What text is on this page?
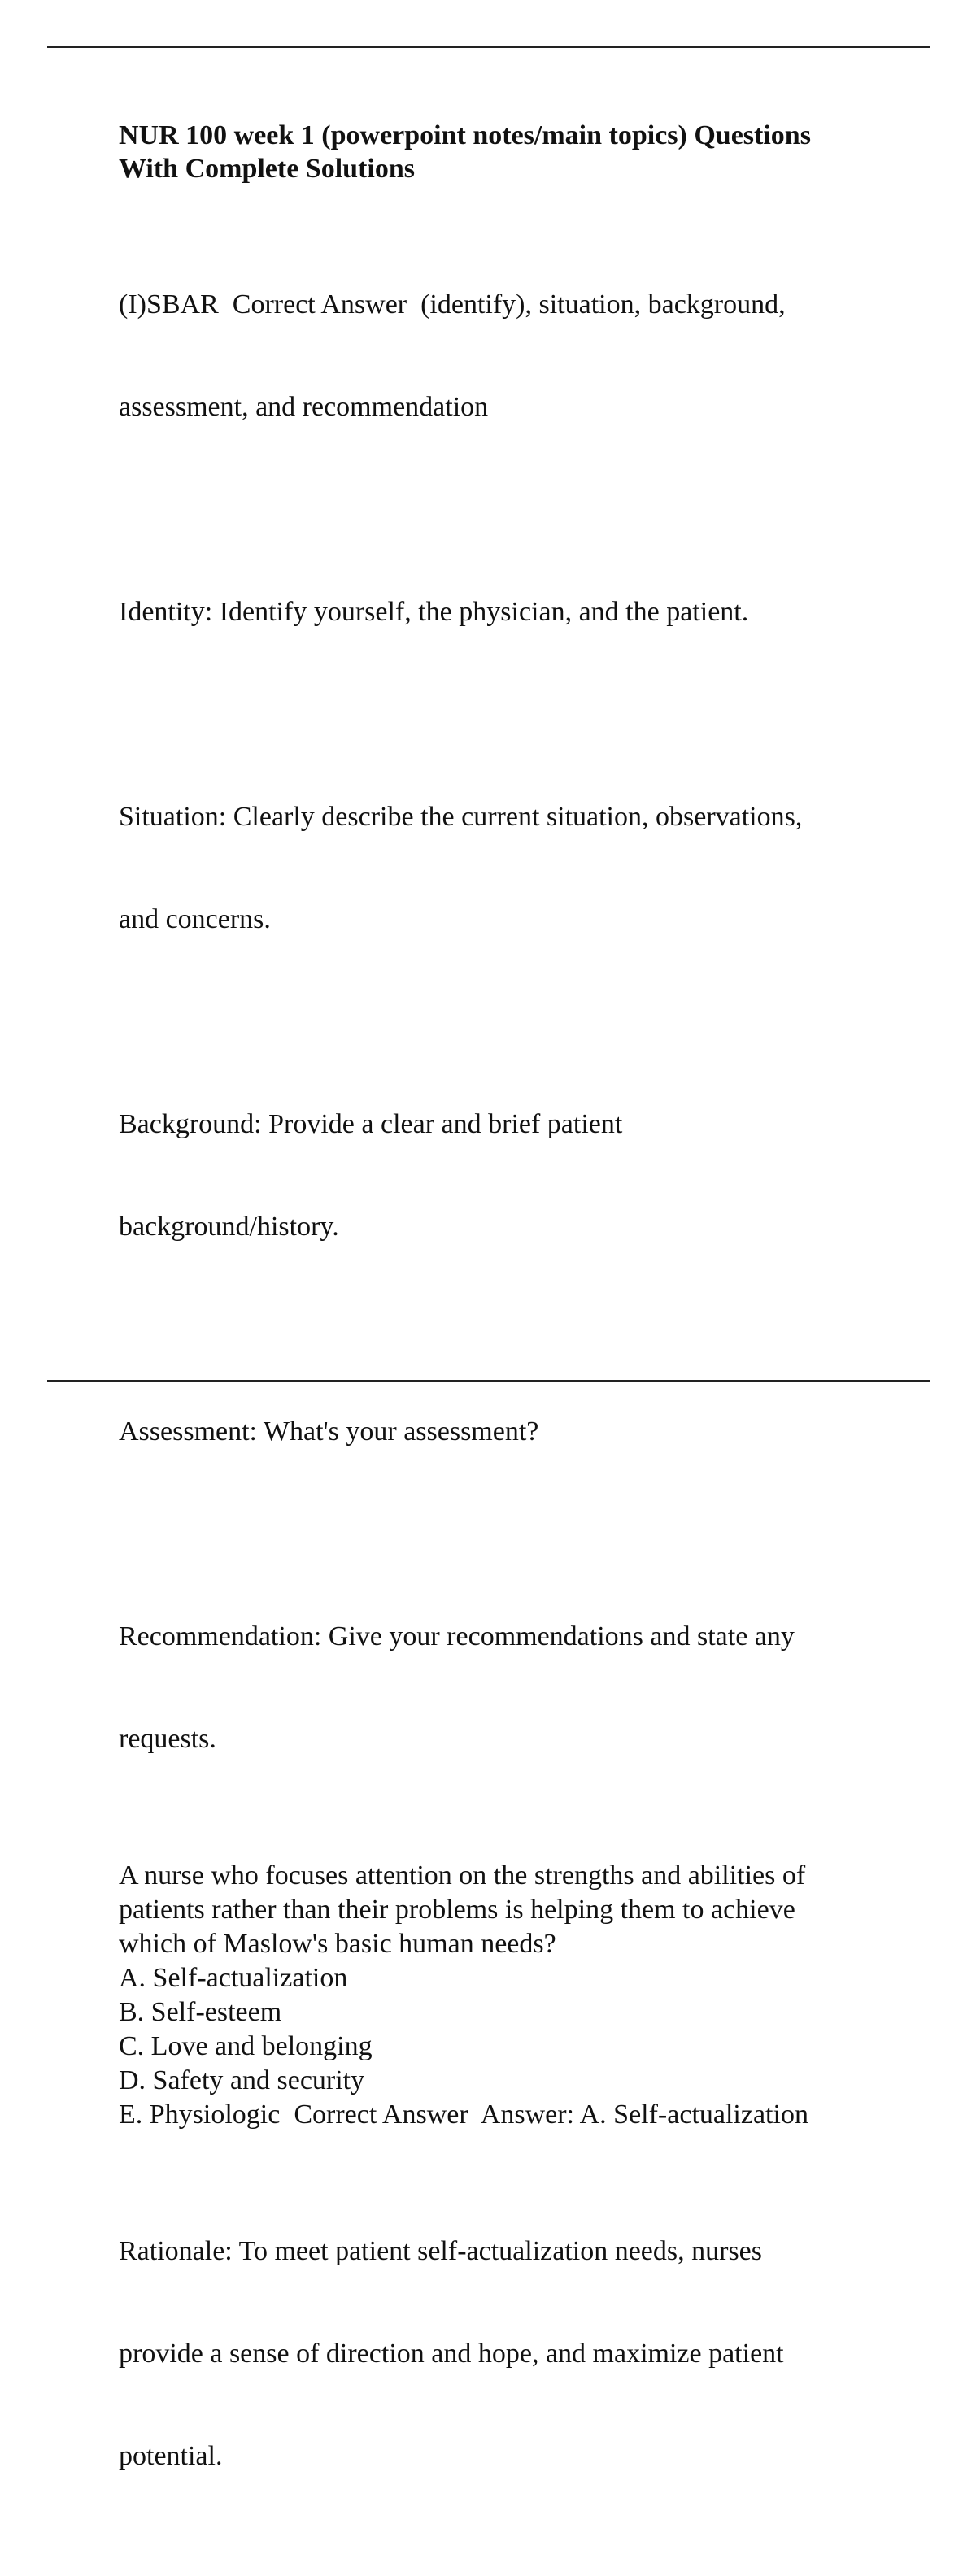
NUR 100 week 1 (powerpoint notes/main topics) Questions
With Complete Solutions

(I)SBAR  Correct Answer  (identify), situation, background,

assessment, and recommendation

Identity: Identify yourself, the physician, and the patient.

Situation: Clearly describe the current situation, observations,

and concerns.

Background: Provide a clear and brief patient

background/history.

Assessment: What's your assessment?

Recommendation: Give your recommendations and state any

requests.

A nurse who focuses attention on the strengths and abilities of
patients rather than their problems is helping them to achieve
which of Maslow's basic human needs?
A. Self-actualization
B. Self-esteem
C. Love and belonging
D. Safety and security
E. Physiologic  Correct Answer  Answer: A. Self-actualization

Rationale: To meet patient self-actualization needs, nurses

provide a sense of direction and hope, and maximize patient

potential.
